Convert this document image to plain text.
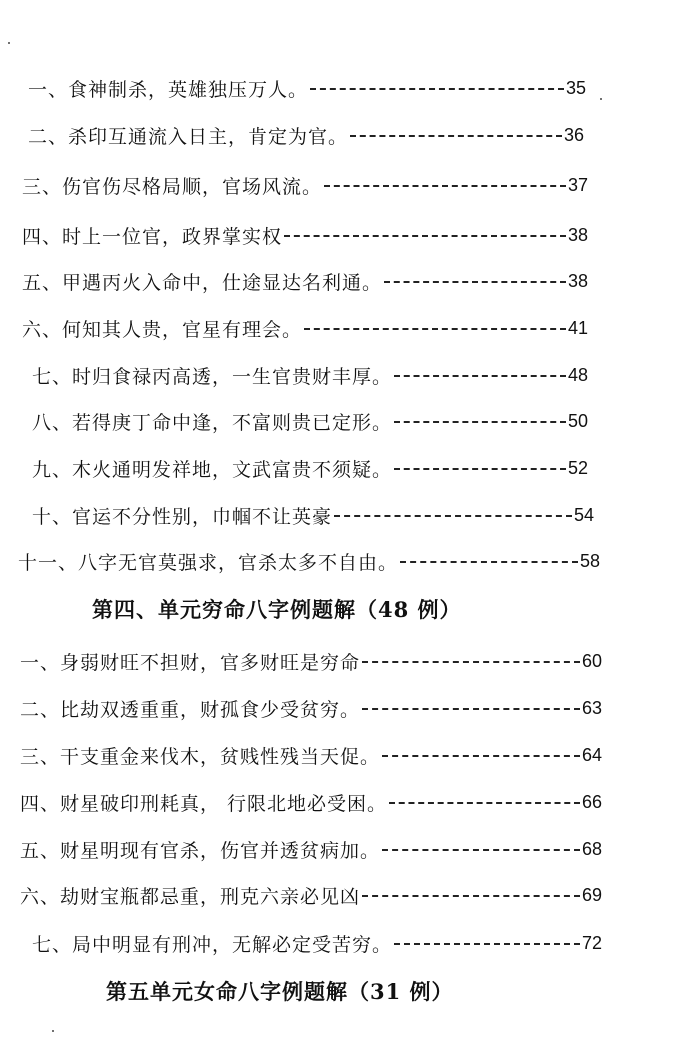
一、食神制杀，英雄独压万人。	35
二、杀印互通流入日主，肯定为官。	36
三、伤官伤尽格局顺，官场风流。	37
四、时上一位官，政界掌实权	38
五、甲遇丙火入命中，仕途显达名利通。	38
六、何知其人贵，官星有理会。	41
七、时归食禄丙高透，一生官贵财丰厚。	48
八、若得庚丁命中逢，不富则贵已定形。	50
九、木火通明发祥地，文武富贵不须疑。	52
十、官运不分性别，巾帼不让英豪	54
十一、八字无官莫强求，官杀太多不自由。	58
第四、单元穷命八字例题解（48 例）
一、身弱财旺不担财，官多财旺是穷命	60
二、比劫双透重重，财孤食少受贫穷。	63
三、干支重金来伐木，贫贱性残当天促。	64
四、财星破印刑耗真， 行限北地必受困。	66
五、财星明现有官杀，伤官并透贫病加。	68
六、劫财宝瓶都忌重，刑克六亲必见凶	69
七、局中明显有刑冲，无解必定受苦穷。	72
第五单元女命八字例题解（31 例）
